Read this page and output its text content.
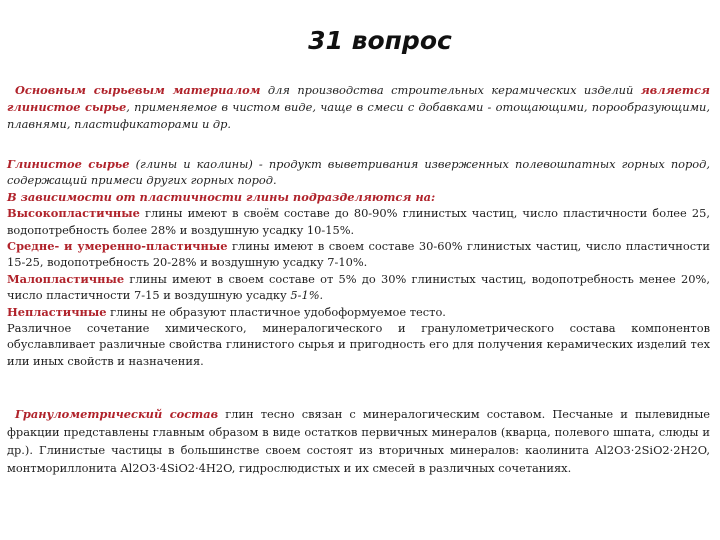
31 вопрос

Основным сырьевым материалом для производства строительных керамических изделий является глинистое сырье, применяемое в чистом виде, чаще в смеси с добавками - отощающими, порообразующими, плавнями, пластификаторами и др.

Глинистое сырье (глины и каолины) - продукт выветривания изверженных полевошпатных горных пород, содержащий примеси других горных пород.
В зависимости от пластичности глины подразделяются на:
Высокопластичные глины имеют в своём составе до 80-90% глинистых частиц, число пластичности более 25, водопотребность более 28% и воздушную усадку 10-15%.
Средне- и умеренно-пластичные глины имеют в своем составе 30-60% глинистых частиц, число пластичности 15-25, водопотребность 20-28% и воздушную усадку 7-10%.
Малопластичные глины имеют в своем составе от 5% до 30% глинистых частиц, водопотребность менее 20%, число пластичности 7-15 и воздушную усадку 5-1%.
Непластичные глины не образуют пластичное удобоформуемое тесто.
Различное сочетание химического, минералогического и гранулометрического состава компонентов обуславливает различные свойства глинистого сырья и пригодность его для получения керамических изделий тех или иных свойств и назначения.

Гранулометрический состав глин тесно связан с минералогическим составом. Песчаные и пылевидные фракции представлены главным образом в виде остатков первичных минералов (кварца, полевого шпата, слюды и др.). Глинистые частицы в большинстве своем состоят из вторичных минералов: каолинита Al2O3·2SiO2·2H2O, монтмориллонита Al2O3·4SiO2·4H2O, гидрослюдистых и их смесей в различных сочетаниях.
